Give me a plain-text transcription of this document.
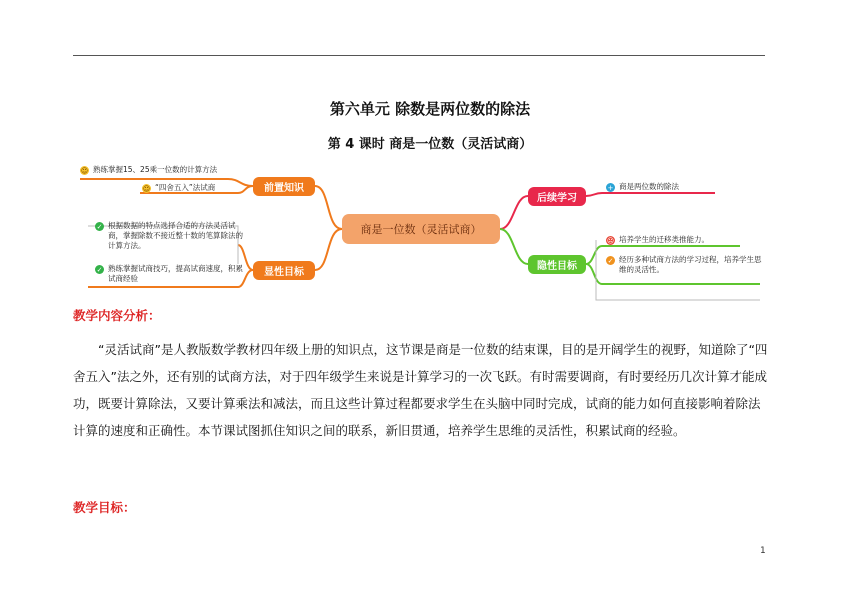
第六单元 除数是两位数的除法
第 4 课时 商是一位数（灵活试商）
商是一位数（灵活试商）
前置知识
显性目标
后续学习
隐性目标
☺ 熟练掌握15、25乘一位数的计算方法
☺ “四舍五入”法试商
✓ 根据数据的特点选择合适的方法灵活试商，掌握除数不接近整十数的笔算除法的计算方法。
✓ 熟练掌握试商技巧，提高试商速度，积累试商经验
+ 商是两位数的除法
☹ 培养学生的迁移类推能力。
✓ 经历多种试商方法的学习过程，培养学生思维的灵活性。
教学内容分析：

“灵活试商”是人教版数学教材四年级上册的知识点，这节课是商是一位数的结束课，目的是开阔学生的视野，知道除了“四舍五入”法之外，还有别的试商方法，对于四年级学生来说是计算学习的一次飞跃。有时需要调商，有时要经历几次计算才能成功，既要计算除法，又要计算乘法和减法，而且这些计算过程都要求学生在头脑中同时完成，试商的能力如何直接影响着除法计算的速度和正确性。本节课试图抓住知识之间的联系，新旧贯通，培养学生思维的灵活性，积累试商的经验。

教学目标：
1
